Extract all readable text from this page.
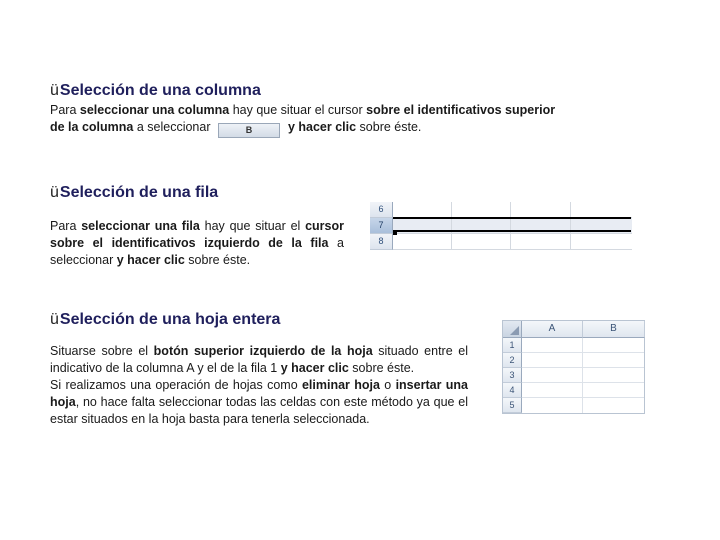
üSelección de una columna
Para seleccionar una columna hay que situar el cursor sobre el identificativos superior de la columna a seleccionar	B	y hacer clic sobre éste.
üSelección de una fila
Para seleccionar una fila hay que situar el cursor sobre el identificativos izquierdo de la fila a seleccionar y hacer clic sobre éste.
6
7
8
üSelección de una hoja entera
Situarse sobre el botón superior izquierdo de la hoja situado entre el indicativo de la columna A y el de la fila 1 y hacer clic sobre éste.
Si realizamos una operación de hojas como eliminar hoja o insertar una hoja, no hace falta seleccionar todas las celdas con este método ya que el estar situados en la hoja basta para tenerla seleccionada.
A	B
1
2
3
4
5
